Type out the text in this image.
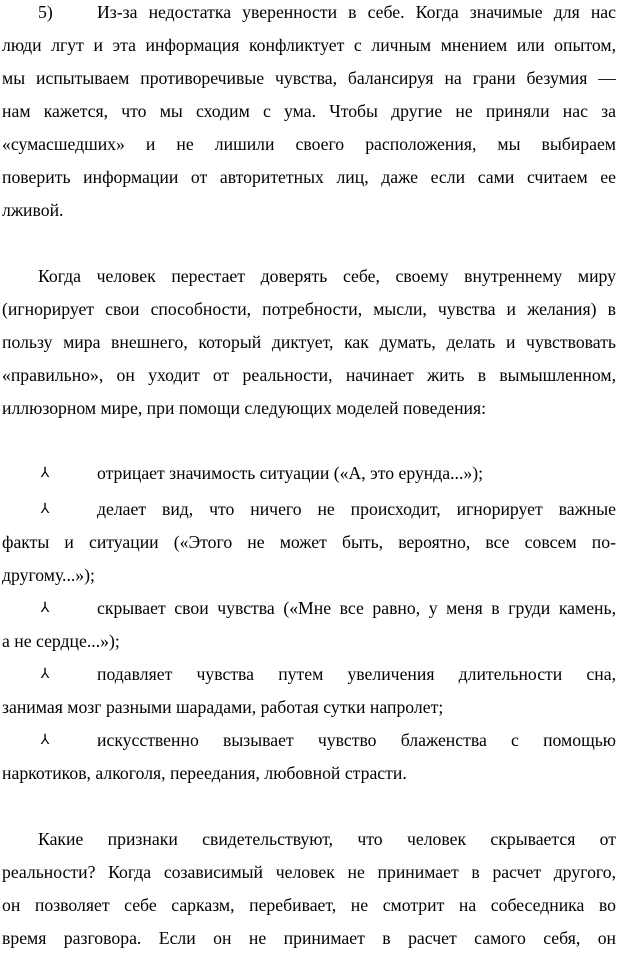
5)	Из-за недостатка уверенности в себе. Когда значимые для нас
люди лгут и эта информация конфликтует с личным мнением или опытом,
мы испытываем противоречивые чувства, балансируя на грани безумия —
нам кажется, что мы сходим с ума. Чтобы другие не приняли нас за
«сумасшедших» и не лишили своего расположения, мы выбираем
поверить информации от авторитетных лиц, даже если сами считаем ее
лживой.
Когда человек перестает доверять себе, своему внутреннему миру
(игнорирует свои способности, потребности, мысли, чувства и желания) в
пользу мира внешнего, который диктует, как думать, делать и чувствовать
«правильно», он уходит от реальности, начинает жить в вымышленном,
иллюзорном мире, при помощи следующих моделей поведения:
⅄	отрицает значимость ситуации («А, это ерунда...»);
⅄	делает вид, что ничего не происходит, игнорирует важные
факты и ситуации («Этого не может быть, вероятно, все совсем по-
другому...»);
⅄	скрывает свои чувства («Мне все равно, у меня в груди камень,
а не сердце...»);
⅄	подавляет чувства путем увеличения длительности сна,
занимая мозг разными шарадами, работая сутки напролет;
⅄	искусственно вызывает чувство блаженства с помощью
наркотиков, алкоголя, переедания, любовной страсти.
Какие признаки свидетельствуют, что человек скрывается от
реальности? Когда созависимый человек не принимает в расчет другого,
он позволяет себе сарказм, перебивает, не смотрит на собеседника во
время разговора. Если он не принимает в расчет самого себя, он
